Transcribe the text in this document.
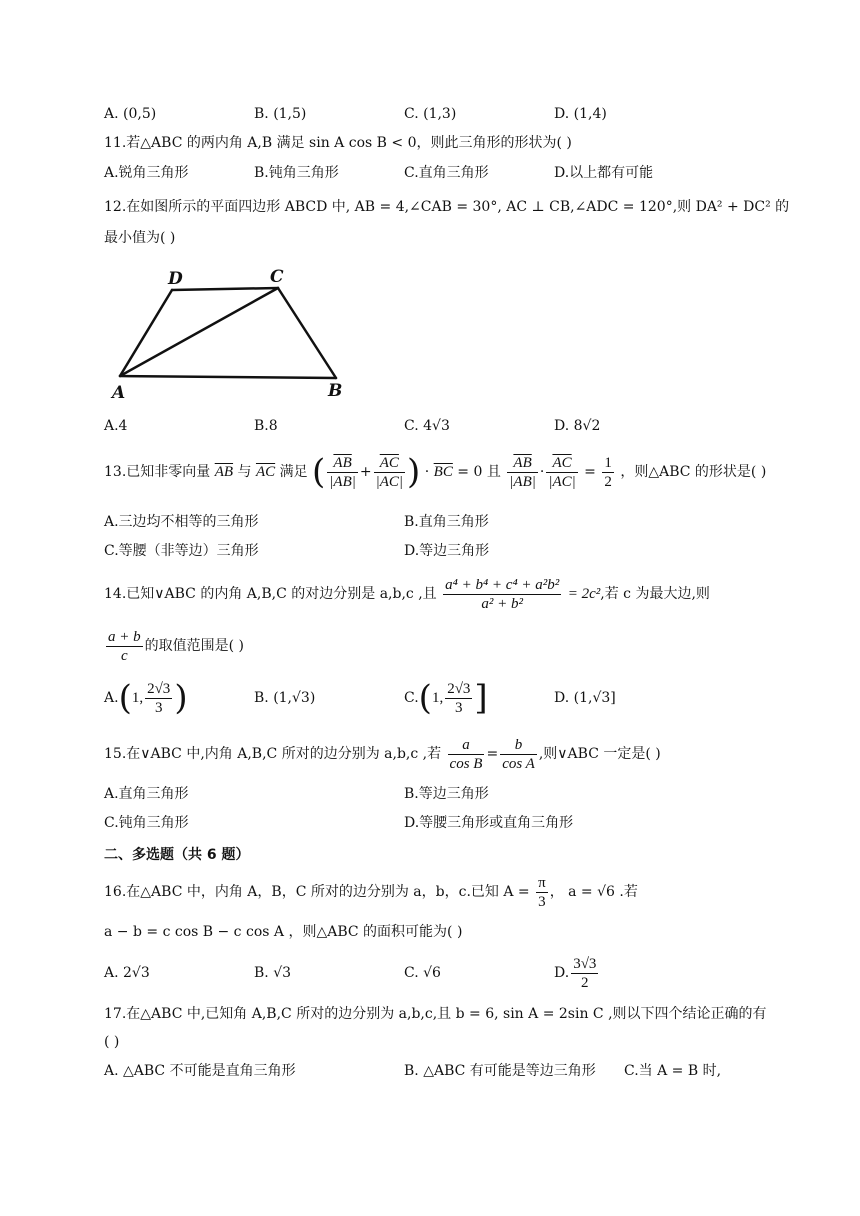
A. (0,5)	B. (1,5)	C. (1,3)	D. (1,4)
11.若△ABC 的两内角 A,B 满足 sin A cos B < 0，则此三角形的形状为( )
A.锐角三角形	B.钝角三角形	C.直角三角形	D.以上都有可能
12.在如图所示的平面四边形 ABCD 中, AB = 4,∠CAB = 30°, AC ⊥ CB,∠ADC = 120°,则 DA² + DC² 的
最小值为( )
D	C
A	B
A.4	B.8	C. 4√3	D. 8√2
13.已知非零向量 $\overline{AB}$ 与 $\overline{AC}$ 满足 ( $\frac{\overline{AB}}{|AB|} + \frac{\overline{AC}}{|AC|}$ ) · $\overline{BC} = 0$ 且 $\frac{\overline{AB}}{|AB|} \cdot \frac{\overline{AC}}{|AC|} = \frac{1}{2}$ ，则△ABC 的形状是( )
A.三边均不相等的三角形	B.直角三角形
C.等腰（非等边）三角形	D.等边三角形
14.已知∨ABC 的内角 A,B,C 的对边分别是 a,b,c ,且 $\frac{\text{a⁴ + b⁴ + c⁴ + a²b²}}{\text{a² + b²}} = 2c^2$,若 c 为最大边,则
$\frac{a + b}{c}$ 的取值范围是( )
A.(1, $\frac{2√3}{3}$ )	B. (1,√3)	C.(1, $\frac{2√3}{3}$ ]	D. (1,√3]
15.在∨ABC 中,内角 A,B,C 所对的边分别为 a,b,c ,若 $\frac{a}{\text{cos B}} = \frac{b}{\text{cos A}}$ ,则∨ABC 一定是( )
A.直角三角形	B.等边三角形
C.钝角三角形	D.等腰三角形或直角三角形
二、多选题（共 6 题）
16.在△ABC 中，内角 A，B，C 所对的边分别为 a，b，c.已知 $A = \frac{\pi}{3}$ ， a = √6 .若
a − b = c cos B − c cos A ，则△ABC 的面积可能为( )
A. 2√3	B. √3	C. √6	D. $\frac{3√3}{2}$
17.在△ABC 中,已知角 A,B,C 所对的边分别为 a,b,c,且 b = 6, sin A = 2sin C ,则以下四个结论正确的有
( )
A. △ABC 不可能是直角三角形	B. △ABC 有可能是等边三角形 C.当 A = B 时,
